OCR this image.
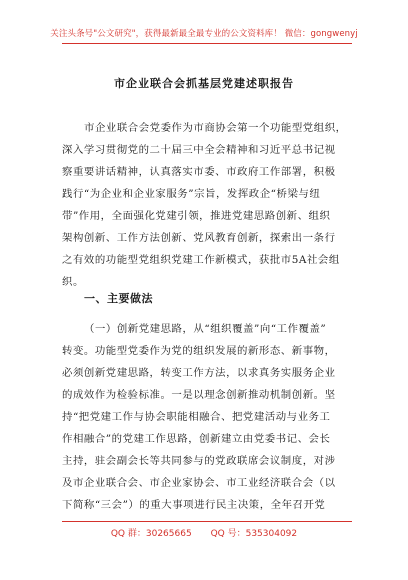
关注头条号"公文研究"，获得最新最全最专业的公文资料库！ 微信：gongwenyj
市企业联合会抓基层党建述职报告
市企业联合会党委作为市商协会第一个功能型党组织，
深入学习贯彻党的二十届三中全会精神和习近平总书记视
察重要讲话精神，认真落实市委、市政府工作部署，积极
践行“为企业和企业家服务”宗旨，发挥政企“桥梁与纽
带”作用，全面强化党建引领，推进党建思路创新、组织
架构创新、工作方法创新、党风教育创新，探索出一条行
之有效的功能型党组织党建工作新模式，获批市5A社会组
织。
一、主要做法
（一）创新党建思路，从“组织覆盖”向“工作覆盖”
转变。功能型党委作为党的组织发展的新形态、新事物，
必须创新党建思路，转变工作方法，以求真务实服务企业
的成效作为检验标准。一是以理念创新推动机制创新。坚
持“把党建工作与协会职能相融合、把党建活动与业务工
作相融合”的党建工作思路，创新建立由党委书记、会长
主持，驻会副会长等共同参与的党政联席会议制度，对涉
及市企业联合会、市企业家协会、市工业经济联合会（以
下简称“三会”）的重大事项进行民主决策，全年召开党
QQ 群：30265665 QQ 号：535304092
